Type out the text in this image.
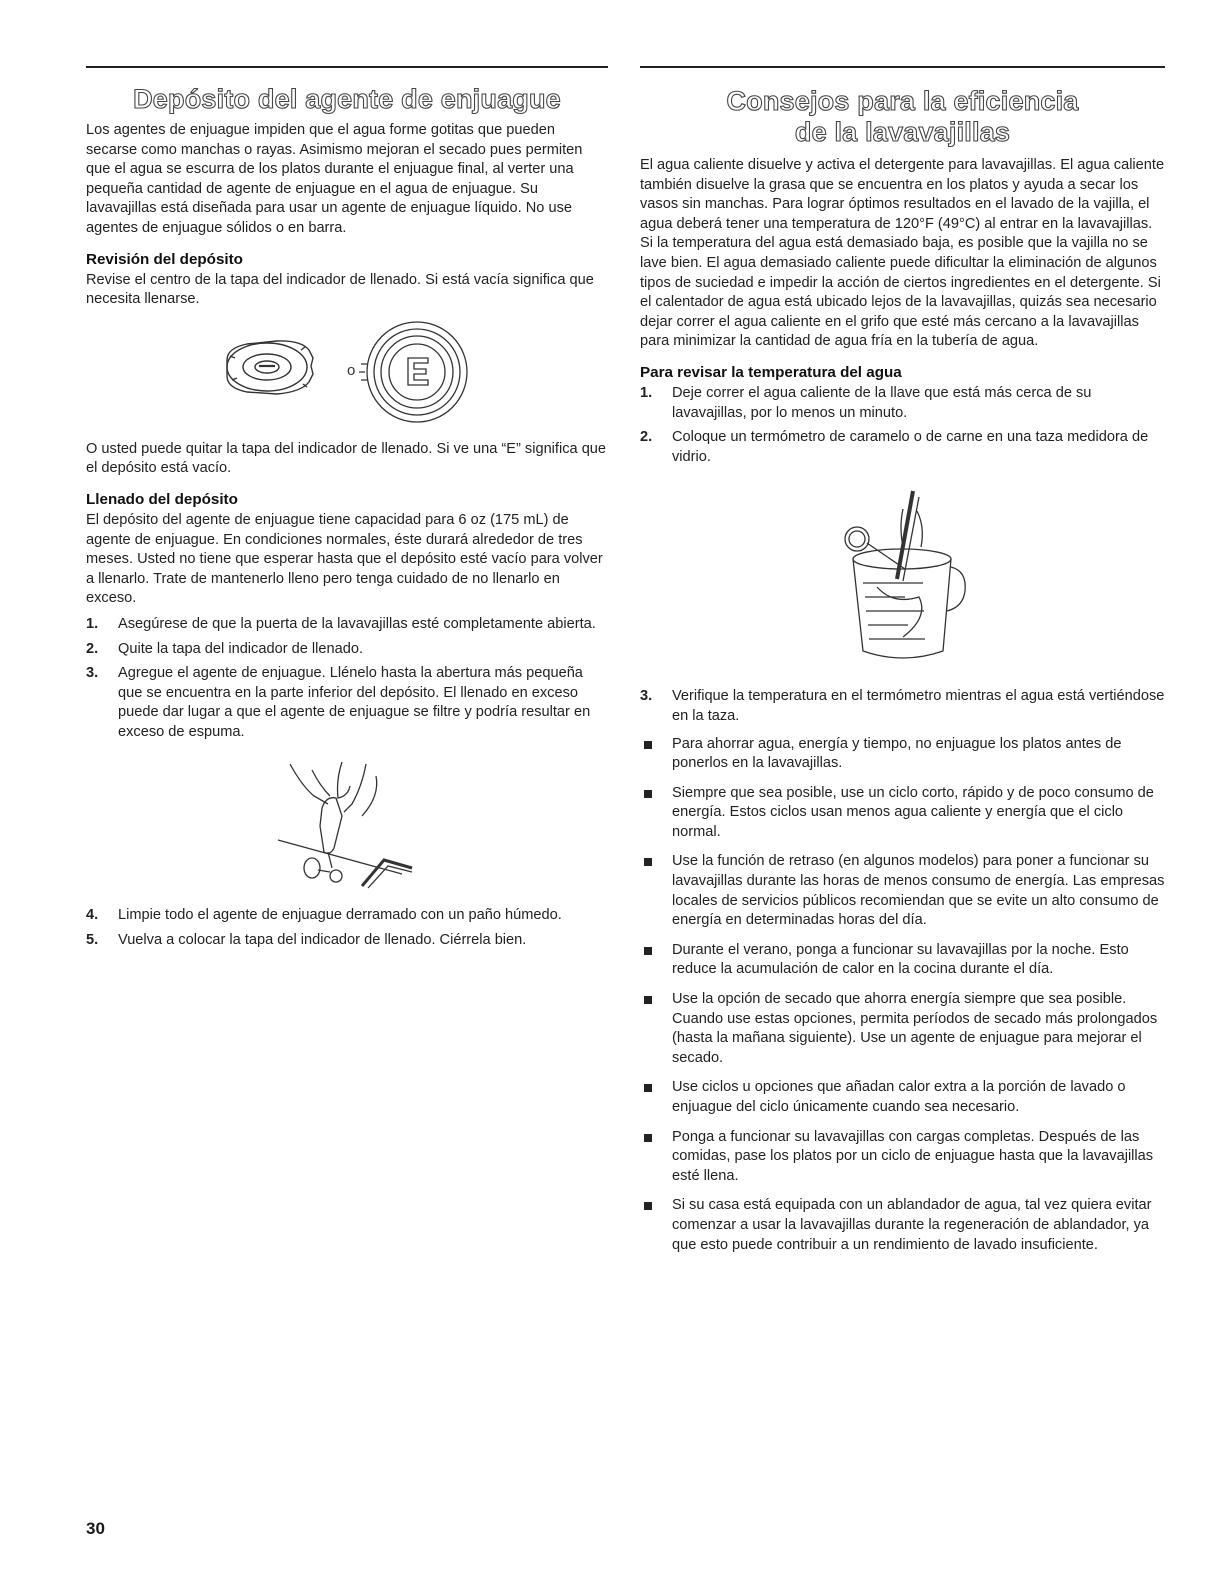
Depósito del agente de enjuague

Los agentes de enjuague impiden que el agua forme gotitas que pueden secarse como manchas o rayas. Asimismo mejoran el secado pues permiten que el agua se escurra de los platos durante el enjuague final, al verter una pequeña cantidad de agente de enjuague en el agua de enjuague. Su lavavajillas está diseñada para usar un agente de enjuague líquido. No use agentes de enjuague sólidos o en barra.

Revisión del depósito

Revise el centro de la tapa del indicador de llenado. Si está vacía significa que necesita llenarse.

o
E

O usted puede quitar la tapa del indicador de llenado. Si ve una “E” significa que el depósito está vacío.

Llenado del depósito

El depósito del agente de enjuague tiene capacidad para 6 oz (175 mL) de agente de enjuague. En condiciones normales, éste durará alrededor de tres meses. Usted no tiene que esperar hasta que el depósito esté vacío para volver a llenarlo. Trate de mantenerlo lleno pero tenga cuidado de no llenarlo en exceso.

1. Asegúrese de que la puerta de la lavavajillas esté completamente abierta.
2. Quite la tapa del indicador de llenado.
3. Agregue el agente de enjuague. Llénelo hasta la abertura más pequeña que se encuentra en la parte inferior del depósito. El llenado en exceso puede dar lugar a que el agente de enjuague se filtre y podría resultar en exceso de espuma.
4. Limpie todo el agente de enjuague derramado con un paño húmedo.
5. Vuelva a colocar la tapa del indicador de llenado. Ciérrela bien.
Consejos para la eficiencia
de la lavavajillas

El agua caliente disuelve y activa el detergente para lavavajillas. El agua caliente también disuelve la grasa que se encuentra en los platos y ayuda a secar los vasos sin manchas. Para lograr óptimos resultados en el lavado de la vajilla, el agua deberá tener una temperatura de 120°F (49°C) al entrar en la lavavajillas. Si la temperatura del agua está demasiado baja, es posible que la vajilla no se lave bien. El agua demasiado caliente puede dificultar la eliminación de algunos tipos de suciedad e impedir la acción de ciertos ingredientes en el detergente. Si el calentador de agua está ubicado lejos de la lavavajillas, quizás sea necesario dejar correr el agua caliente en el grifo que esté más cercano a la lavavajillas para minimizar la cantidad de agua fría en la tubería de agua.

Para revisar la temperatura del agua
1. Deje correr el agua caliente de la llave que está más cerca de su lavavajillas, por lo menos un minuto.
2. Coloque un termómetro de caramelo o de carne en una taza medidora de vidrio.
3. Verifique la temperatura en el termómetro mientras el agua está vertiéndose en la taza.
Para ahorrar agua, energía y tiempo, no enjuague los platos antes de ponerlos en la lavavajillas.
Siempre que sea posible, use un ciclo corto, rápido y de poco consumo de energía. Estos ciclos usan menos agua caliente y energía que el ciclo normal.
Use la función de retraso (en algunos modelos) para poner a funcionar su lavavajillas durante las horas de menos consumo de energía. Las empresas locales de servicios públicos recomiendan que se evite un alto consumo de energía en determinadas horas del día.
Durante el verano, ponga a funcionar su lavavajillas por la noche. Esto reduce la acumulación de calor en la cocina durante el día.
Use la opción de secado que ahorra energía siempre que sea posible. Cuando use estas opciones, permita períodos de secado más prolongados (hasta la mañana siguiente). Use un agente de enjuague para mejorar el secado.
Use ciclos u opciones que añadan calor extra a la porción de lavado o enjuague del ciclo únicamente cuando sea necesario.
Ponga a funcionar su lavavajillas con cargas completas. Después de las comidas, pase los platos por un ciclo de enjuague hasta que la lavavajillas esté llena.
Si su casa está equipada con un ablandador de agua, tal vez quiera evitar comenzar a usar la lavavajillas durante la regeneración de ablandador, ya que esto puede contribuir a un rendimiento de lavado insuficiente.
30
